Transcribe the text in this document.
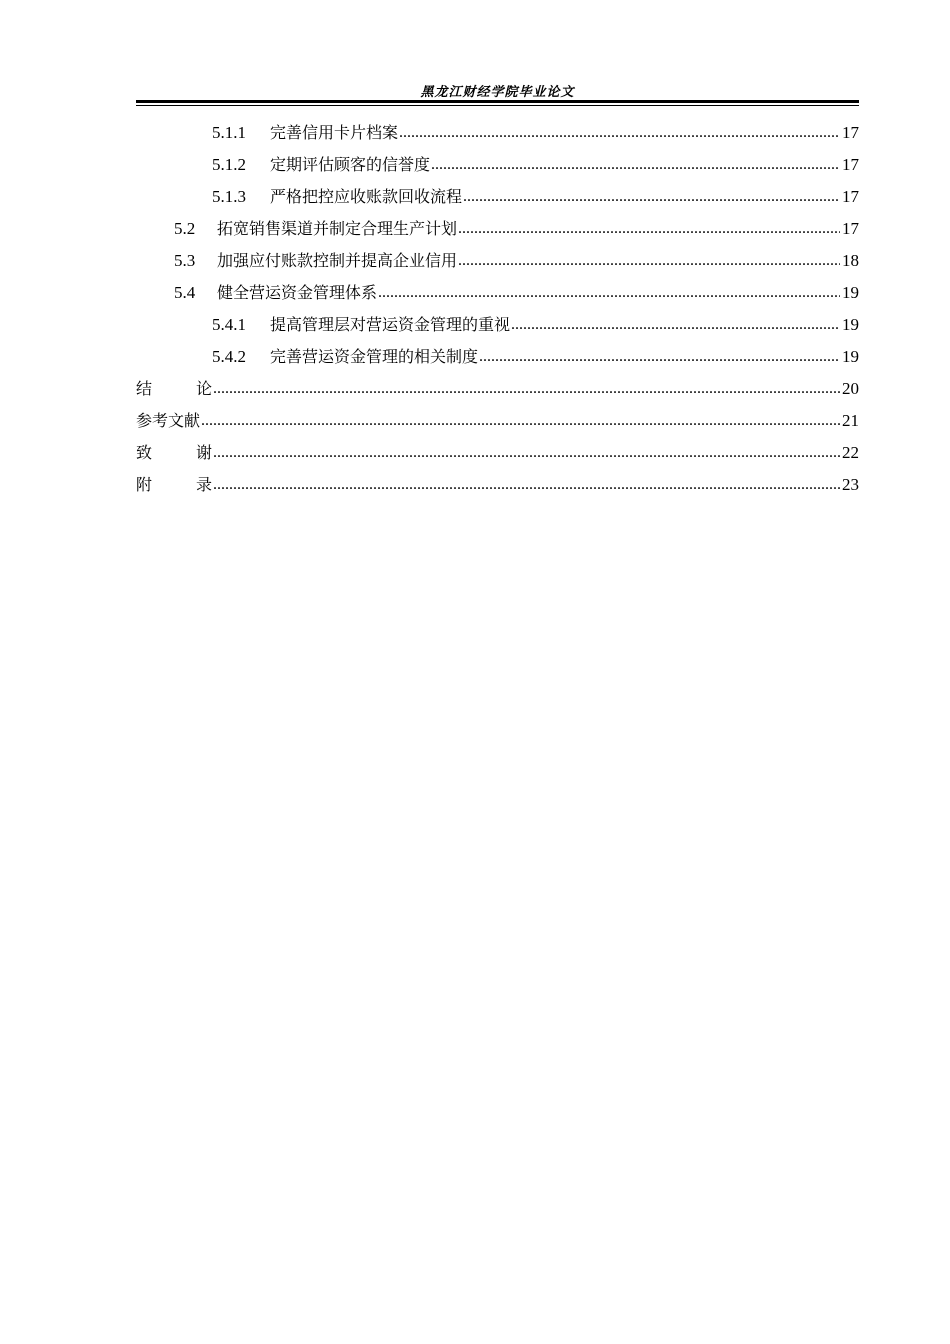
黑龙江财经学院毕业论文
5.1.1	完善信用卡片档案 .....	17
5.1.2	定期评估顾客的信誉度 .....	17
5.1.3	严格把控应收账款回收流程 .....	17
5.2	拓宽销售渠道并制定合理生产计划 .....	17
5.3	加强应付账款控制并提高企业信用 .....	18
5.4	健全营运资金管理体系 .....	19
5.4.1	提高管理层对营运资金管理的重视 .....	19
5.4.2	完善营运资金管理的相关制度 .....	19
结	论 .....	20
参考文献 .....	21
致	谢 .....	22
附	录 .....	23
